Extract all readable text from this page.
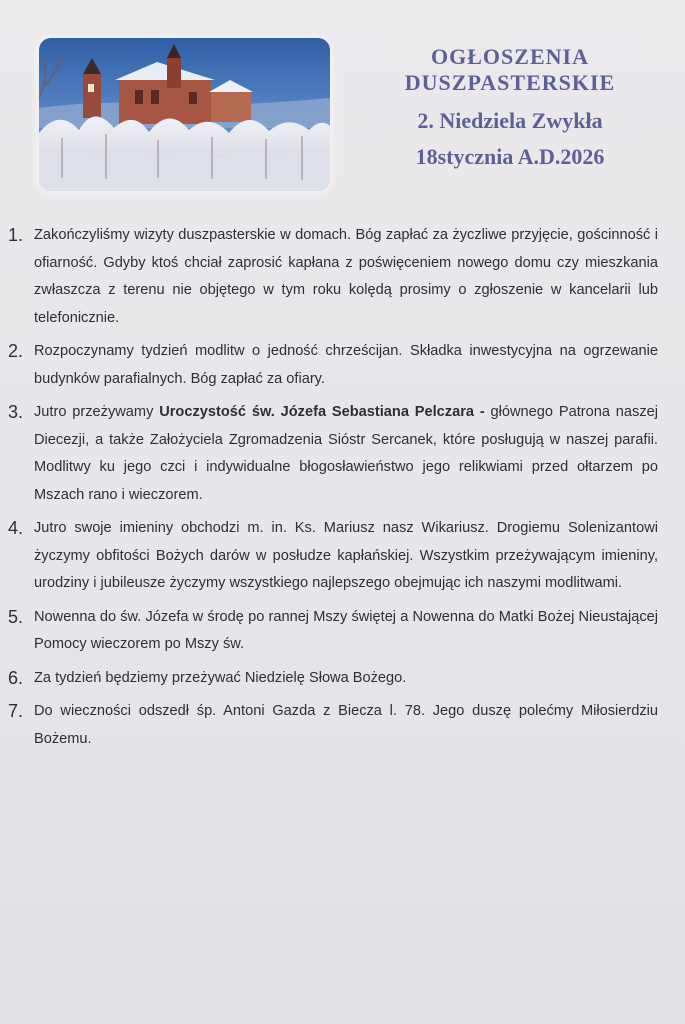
OGŁOSZENIA
DUSZPASTERSKIE
2. Niedziela Zwykła
18stycznia A.D.2026
1. Zakończyliśmy wizyty duszpasterskie w domach. Bóg zapłać za życzliwe przyjęcie, gościnność i ofiarność. Gdyby ktoś chciał zaprosić kapłana z poświęceniem nowego domu czy mieszkania zwłaszcza z terenu nie objętego w tym roku kolędą prosimy o zgłoszenie w kancelarii lub telefonicznie.
2. Rozpoczynamy tydzień modlitw o jedność chrześcijan. Składka inwestycyjna na ogrzewanie budynków parafialnych. Bóg zapłać za ofiary.
3. Jutro przeżywamy Uroczystość św. Józefa Sebastiana Pelczara - głównego Patrona naszej Diecezji, a także Założyciela Zgromadzenia Sióstr Sercanek, które posługują w naszej parafii. Modlitwy ku jego czci i indywidualne błogosławieństwo jego relikwiami przed ołtarzem po Mszach rano i wieczorem.
4. Jutro swoje imieniny obchodzi m. in. Ks. Mariusz nasz Wikariusz. Drogiemu Solenizantowi życzymy obfitości Bożych darów w posłudze kapłańskiej. Wszystkim przeżywającym imieniny, urodziny i jubileusze życzymy wszystkiego najlepszego obejmując ich naszymi modlitwami.
5. Nowenna do św. Józefa w środę po rannej Mszy świętej a Nowenna do Matki Bożej Nieustającej Pomocy wieczorem po Mszy św.
6. Za tydzień będziemy przeżywać Niedzielę Słowa Bożego.
7. Do wieczności odszedł śp. Antoni Gazda z Biecza l. 78. Jego duszę polećmy Miłosierdziu Bożemu.
